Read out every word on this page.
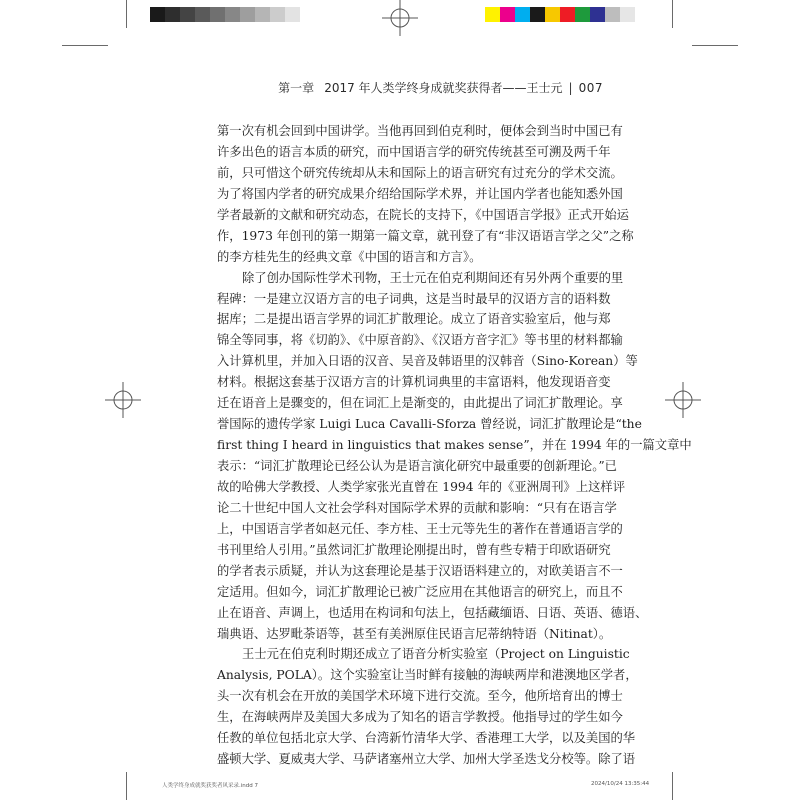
第一章 2017 年人类学终身成就奖获得者——王士元 | 007
第一次有机会回到中国讲学。当他再回到伯克利时，便体会到当时中国已有
许多出色的语言本质的研究，而中国语言学的研究传统甚至可溯及两千年
前，只可惜这个研究传统却从未和国际上的语言研究有过充分的学术交流。
为了将国内学者的研究成果介绍给国际学术界，并让国内学者也能知悉外国
学者最新的文献和研究动态，在院长的支持下，《中国语言学报》正式开始运
作，1973 年创刊的第一期第一篇文章，就刊登了有“非汉语语言学之父”之称
的李方桂先生的经典文章《中国的语言和方言》。
除了创办国际性学术刊物，王士元在伯克利期间还有另外两个重要的里
程碑：一是建立汉语方言的电子词典，这是当时最早的汉语方言的语料数
据库；二是提出语言学界的词汇扩散理论。成立了语音实验室后，他与郑
锦全等同事，将《切韵》、《中原音韵》、《汉语方音字汇》等书里的材料都输
入计算机里，并加入日语的汉音、吴音及韩语里的汉韩音（Sino-Korean）等
材料。根据这套基于汉语方言的计算机词典里的丰富语料，他发现语音变
迁在语音上是骤变的，但在词汇上是渐变的，由此提出了词汇扩散理论。享
誉国际的遗传学家 Luigi Luca Cavalli-Sforza 曾经说，词汇扩散理论是“the
first thing I heard in linguistics that makes sense”，并在 1994 年的一篇文章中
表示：“词汇扩散理论已经公认为是语言演化研究中最重要的创新理论。”已
故的哈佛大学教授、人类学家张光直曾在 1994 年的《亚洲周刊》上这样评
论二十世纪中国人文社会学科对国际学术界的贡献和影响：“只有在语言学
上，中国语言学者如赵元任、李方桂、王士元等先生的著作在普通语言学的
书刊里给人引用。”虽然词汇扩散理论刚提出时，曾有些专精于印欧语研究
的学者表示质疑，并认为这套理论是基于汉语语料建立的，对欧美语言不一
定适用。但如今，词汇扩散理论已被广泛应用在其他语言的研究上，而且不
止在语音、声调上，也适用在构词和句法上，包括藏缅语、日语、英语、德语、
瑞典语、达罗毗荼语等，甚至有美洲原住民语言尼蒂纳特语（Nitinat）。
王士元在伯克利时期还成立了语音分析实验室（Project on Linguistic
Analysis, POLA）。这个实验室让当时鲜有接触的海峡两岸和港澳地区学者，
头一次有机会在开放的美国学术环境下进行交流。至今，他所培育出的博士
生，在海峡两岸及美国大多成为了知名的语言学教授。他指导过的学生如今
任教的单位包括北京大学、台湾新竹清华大学、香港理工大学，以及美国的华
盛顿大学、夏威夷大学、马萨诸塞州立大学、加州大学圣迭戈分校等。除了语
人类学终身成就奖获奖者风采录.indd 7	2024/10/24 13:35:44
